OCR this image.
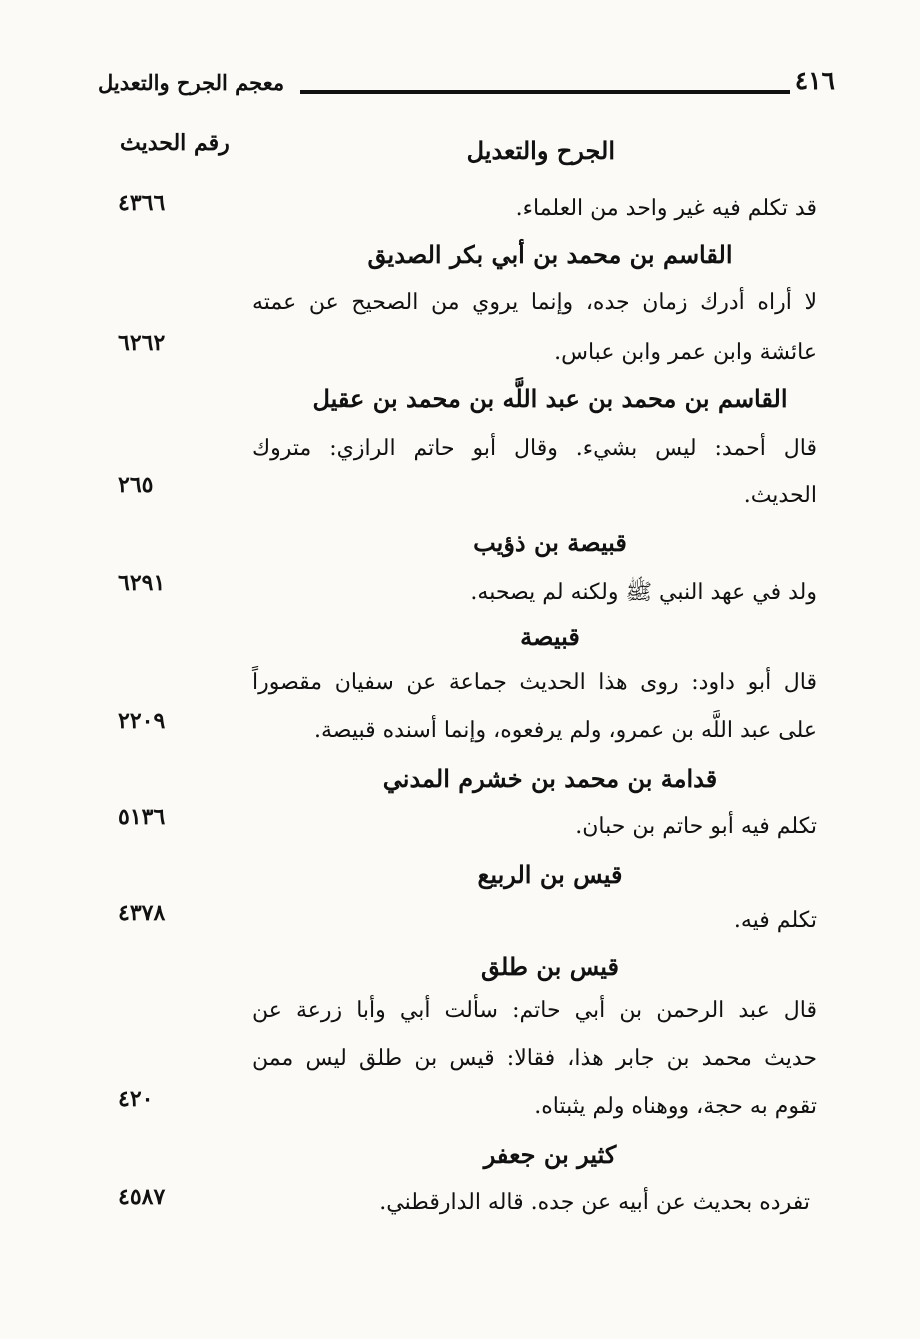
٤١٦
معجم الجرح والتعديل
الجرح والتعديل
رقم الحديث
قد تكلم فيه غير واحد من العلماء.
٤٣٦٦
القاسم بن محمد بن أبي بكر الصديق
لا أراه أدرك زمان جده، وإنما يروي من الصحيح عن عمته
عائشة وابن عمر وابن عباس.
٦٢٦٢
القاسم بن محمد بن عبد اللَّه بن محمد بن عقيل
قال أحمد: ليس بشيء. وقال أبو حاتم الرازي: متروك
الحديث.
٢٦٥
قبيصة بن ذؤيب
ولد في عهد النبي ﷺ ولكنه لم يصحبه.
٦٢٩١
قبيصة
قال أبو داود: روى هذا الحديث جماعة عن سفيان مقصوراً
على عبد اللَّه بن عمرو، ولم يرفعوه، وإنما أسنده قبيصة.
٢٢٠٩
قدامة بن محمد بن خشرم المدني
تكلم فيه أبو حاتم بن حبان.
٥١٣٦
قيس بن الربيع
تكلم فيه.
٤٣٧٨
قيس بن طلق
قال عبد الرحمن بن أبي حاتم: سألت أبي وأبا زرعة عن
حديث محمد بن جابر هذا، فقالا: قيس بن طلق ليس ممن
تقوم به حجة، ووهناه ولم يثبتاه.
٤٢٠
كثير بن جعفر
تفرده بحديث عن أبيه عن جده. قاله الدارقطني.
٤٥٨٧
